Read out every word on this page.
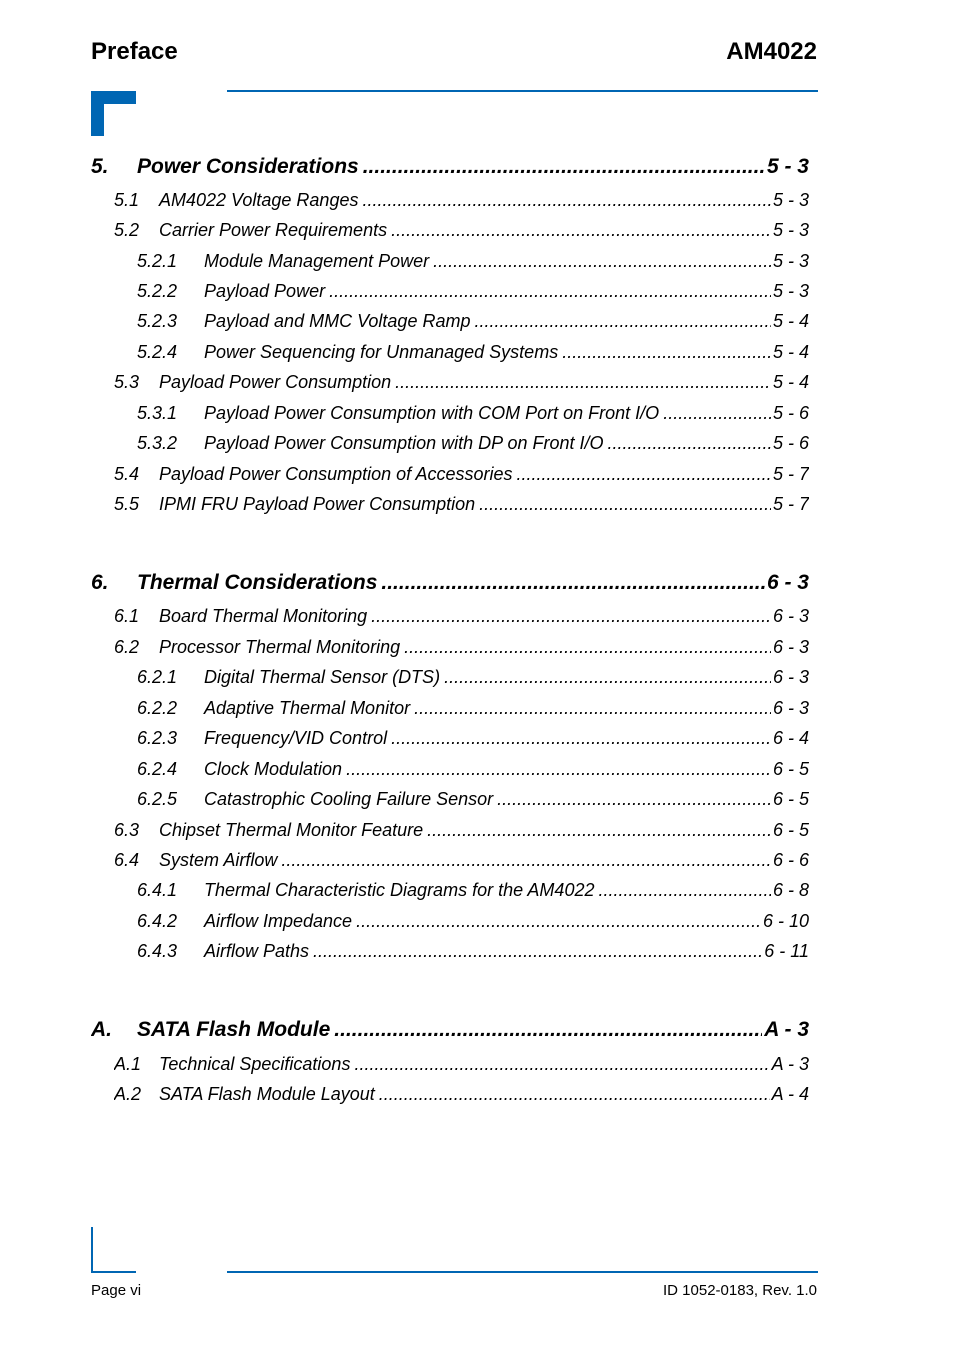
Preface	AM4022
5.	Power Considerations .....	5 - 3
5.1	AM4022 Voltage Ranges .....	5 - 3
5.2	Carrier Power Requirements .....	5 - 3
5.2.1	Module Management Power .....	5 - 3
5.2.2	Payload Power .....	5 - 3
5.2.3	Payload and MMC Voltage Ramp .....	5 - 4
5.2.4	Power Sequencing for Unmanaged Systems .....	5 - 4
5.3	Payload Power Consumption .....	5 - 4
5.3.1	Payload Power Consumption with COM Port on Front I/O .....	5 - 6
5.3.2	Payload Power Consumption with DP on Front I/O .....	5 - 6
5.4	Payload Power Consumption of Accessories .....	5 - 7
5.5	IPMI FRU Payload Power Consumption .....	5 - 7
6.	Thermal Considerations .....	6 - 3
6.1	Board Thermal Monitoring .....	6 - 3
6.2	Processor Thermal Monitoring .....	6 - 3
6.2.1	Digital Thermal Sensor (DTS) .....	6 - 3
6.2.2	Adaptive Thermal Monitor .....	6 - 3
6.2.3	Frequency/VID Control .....	6 - 4
6.2.4	Clock Modulation .....	6 - 5
6.2.5	Catastrophic Cooling Failure Sensor .....	6 - 5
6.3	Chipset Thermal Monitor Feature .....	6 - 5
6.4	System Airflow .....	6 - 6
6.4.1	Thermal Characteristic Diagrams for the AM4022 .....	6 - 8
6.4.2	Airflow Impedance .....	6 - 10
6.4.3	Airflow Paths .....	6 - 11
A.	SATA Flash Module .....	A - 3
A.1 Technical Specifications .....	A - 3
A.2 SATA Flash Module Layout .....	A - 4
Page vi	ID 1052-0183, Rev. 1.0
